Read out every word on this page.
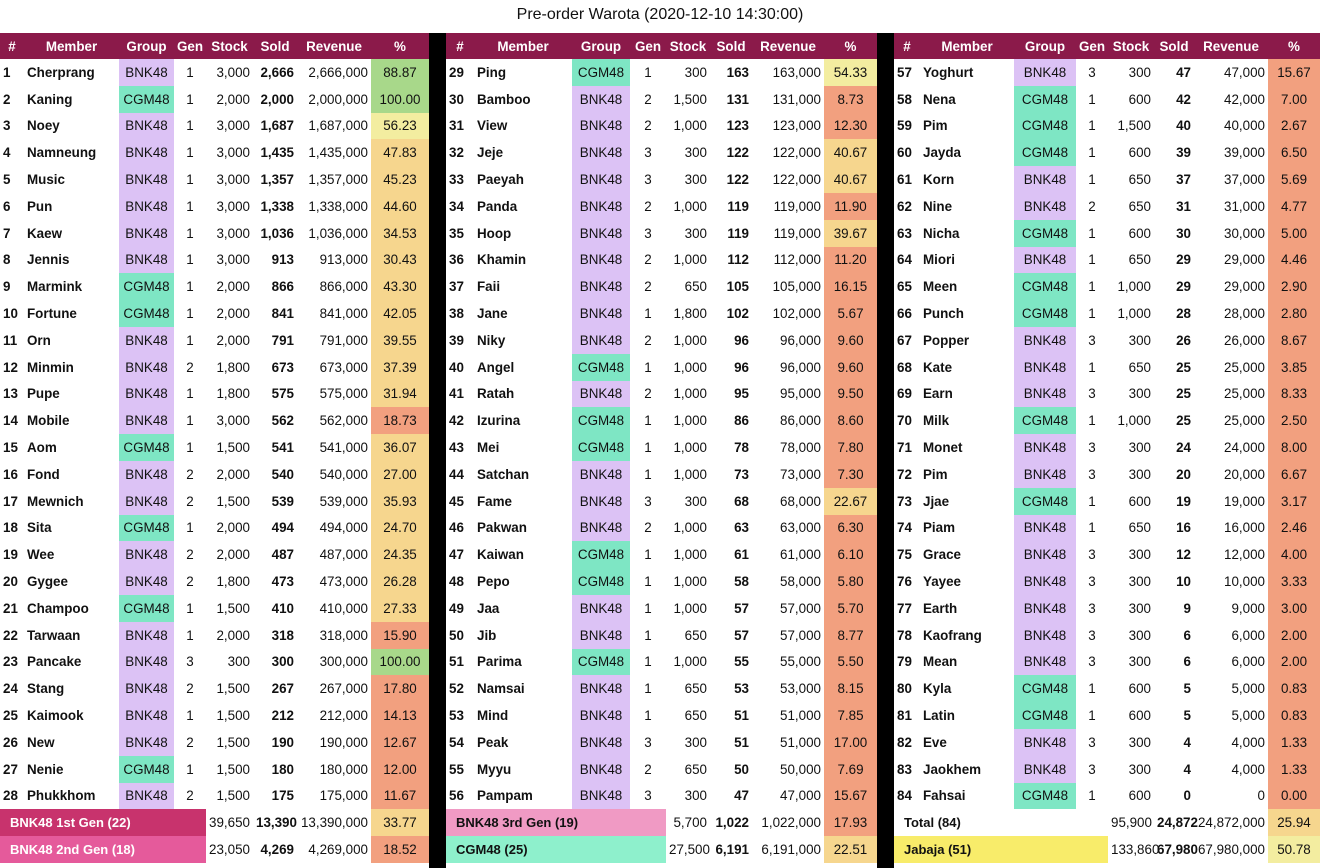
Pre-order Warota (2020-12-10 14:30:00)
#	Member	Group	Gen	Stock	Sold	Revenue	%
1	Cherprang	BNK48	1	3,000	2,666	2,666,000	88.87
2	Kaning	CGM48	1	2,000	2,000	2,000,000	100.00
3	Noey	BNK48	1	3,000	1,687	1,687,000	56.23
4	Namneung	BNK48	1	3,000	1,435	1,435,000	47.83
5	Music	BNK48	1	3,000	1,357	1,357,000	45.23
6	Pun	BNK48	1	3,000	1,338	1,338,000	44.60
7	Kaew	BNK48	1	3,000	1,036	1,036,000	34.53
8	Jennis	BNK48	1	3,000	913	913,000	30.43
9	Marmink	CGM48	1	2,000	866	866,000	43.30
10	Fortune	CGM48	1	2,000	841	841,000	42.05
11	Orn	BNK48	1	2,000	791	791,000	39.55
12	Minmin	BNK48	2	1,800	673	673,000	37.39
13	Pupe	BNK48	1	1,800	575	575,000	31.94
14	Mobile	BNK48	1	3,000	562	562,000	18.73
15	Aom	CGM48	1	1,500	541	541,000	36.07
16	Fond	BNK48	2	2,000	540	540,000	27.00
17	Mewnich	BNK48	2	1,500	539	539,000	35.93
18	Sita	CGM48	1	2,000	494	494,000	24.70
19	Wee	BNK48	2	2,000	487	487,000	24.35
20	Gygee	BNK48	2	1,800	473	473,000	26.28
21	Champoo	CGM48	1	1,500	410	410,000	27.33
22	Tarwaan	BNK48	1	2,000	318	318,000	15.90
23	Pancake	BNK48	3	300	300	300,000	100.00
24	Stang	BNK48	2	1,500	267	267,000	17.80
25	Kaimook	BNK48	1	1,500	212	212,000	14.13
26	New	BNK48	2	1,500	190	190,000	12.67
27	Nenie	CGM48	1	1,500	180	180,000	12.00
28	Phukkhom	BNK48	2	1,500	175	175,000	11.67
BNK48 1st Gen (22)				39,650	13,390	13,390,000	33.77
BNK48 2nd Gen (18)				23,050	4,269	4,269,000	18.52
#	Member	Group	Gen	Stock	Sold	Revenue	%
29	Ping	CGM48	1	300	163	163,000	54.33
30	Bamboo	BNK48	2	1,500	131	131,000	8.73
31	View	BNK48	2	1,000	123	123,000	12.30
32	Jeje	BNK48	3	300	122	122,000	40.67
33	Paeyah	BNK48	3	300	122	122,000	40.67
34	Panda	BNK48	2	1,000	119	119,000	11.90
35	Hoop	BNK48	3	300	119	119,000	39.67
36	Khamin	BNK48	2	1,000	112	112,000	11.20
37	Faii	BNK48	2	650	105	105,000	16.15
38	Jane	BNK48	1	1,800	102	102,000	5.67
39	Niky	BNK48	2	1,000	96	96,000	9.60
40	Angel	CGM48	1	1,000	96	96,000	9.60
41	Ratah	BNK48	2	1,000	95	95,000	9.50
42	Izurina	CGM48	1	1,000	86	86,000	8.60
43	Mei	CGM48	1	1,000	78	78,000	7.80
44	Satchan	BNK48	1	1,000	73	73,000	7.30
45	Fame	BNK48	3	300	68	68,000	22.67
46	Pakwan	BNK48	2	1,000	63	63,000	6.30
47	Kaiwan	CGM48	1	1,000	61	61,000	6.10
48	Pepo	CGM48	1	1,000	58	58,000	5.80
49	Jaa	BNK48	1	1,000	57	57,000	5.70
50	Jib	BNK48	1	650	57	57,000	8.77
51	Parima	CGM48	1	1,000	55	55,000	5.50
52	Namsai	BNK48	1	650	53	53,000	8.15
53	Mind	BNK48	1	650	51	51,000	7.85
54	Peak	BNK48	3	300	51	51,000	17.00
55	Myyu	BNK48	2	650	50	50,000	7.69
56	Pampam	BNK48	3	300	47	47,000	15.67
BNK48 3rd Gen (19)				5,700	1,022	1,022,000	17.93
CGM48 (25)				27,500	6,191	6,191,000	22.51
#	Member	Group	Gen	Stock	Sold	Revenue	%
57	Yoghurt	BNK48	3	300	47	47,000	15.67
58	Nena	CGM48	1	600	42	42,000	7.00
59	Pim	CGM48	1	1,500	40	40,000	2.67
60	Jayda	CGM48	1	600	39	39,000	6.50
61	Korn	BNK48	1	650	37	37,000	5.69
62	Nine	BNK48	2	650	31	31,000	4.77
63	Nicha	CGM48	1	600	30	30,000	5.00
64	Miori	BNK48	1	650	29	29,000	4.46
65	Meen	CGM48	1	1,000	29	29,000	2.90
66	Punch	CGM48	1	1,000	28	28,000	2.80
67	Popper	BNK48	3	300	26	26,000	8.67
68	Kate	BNK48	1	650	25	25,000	3.85
69	Earn	BNK48	3	300	25	25,000	8.33
70	Milk	CGM48	1	1,000	25	25,000	2.50
71	Monet	BNK48	3	300	24	24,000	8.00
72	Pim	BNK48	3	300	20	20,000	6.67
73	Jjae	CGM48	1	600	19	19,000	3.17
74	Piam	BNK48	1	650	16	16,000	2.46
75	Grace	BNK48	3	300	12	12,000	4.00
76	Yayee	BNK48	3	300	10	10,000	3.33
77	Earth	BNK48	3	300	9	9,000	3.00
78	Kaofrang	BNK48	3	300	6	6,000	2.00
79	Mean	BNK48	3	300	6	6,000	2.00
80	Kyla	CGM48	1	600	5	5,000	0.83
81	Latin	CGM48	1	600	5	5,000	0.83
82	Eve	BNK48	3	300	4	4,000	1.33
83	Jaokhem	BNK48	3	300	4	4,000	1.33
84	Fahsai	CGM48	1	600	0	0	0.00
Total (84)				95,900	24,872	24,872,000	25.94
Jabaja (51)				133,860	67,980	67,980,000	50.78
